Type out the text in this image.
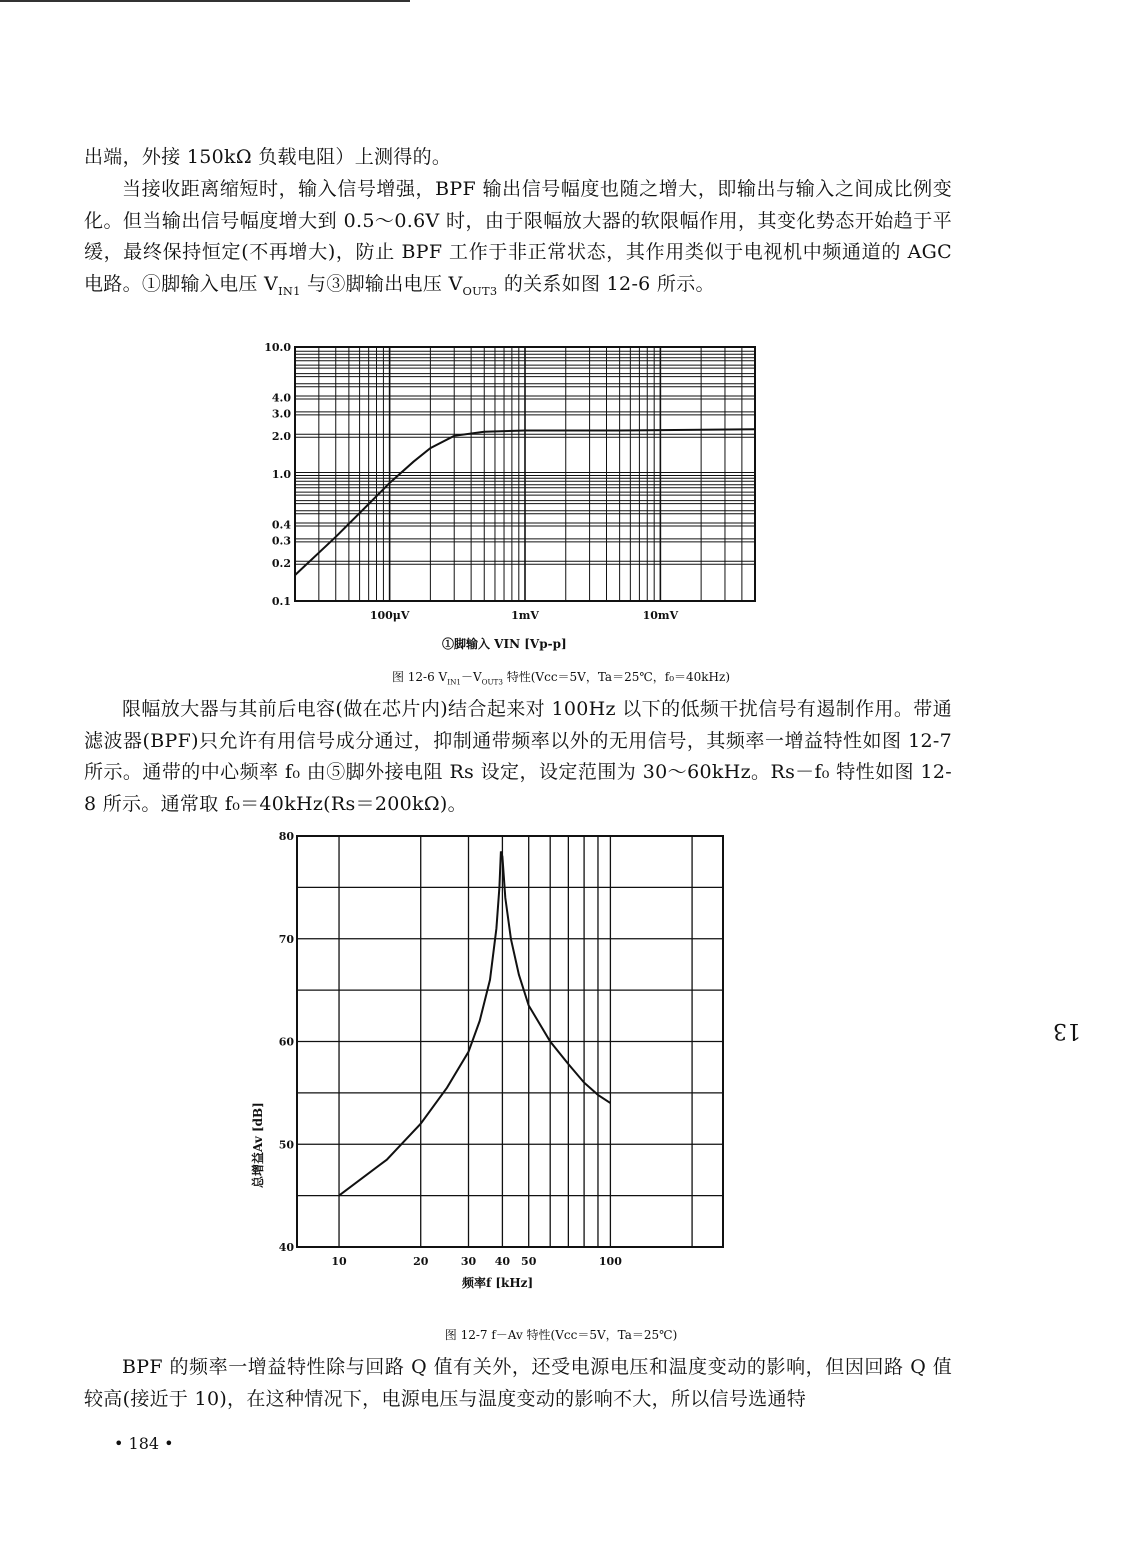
出端，外接 150kΩ 负载电阻）上测得的。

当接收距离缩短时，输入信号增强，BPF 输出信号幅度也随之增大，即输出与输入之间成比例变化。但当输出信号幅度增大到 0.5～0.6V 时，由于限幅放大器的软限幅作用，其变化势态开始趋于平缓，最终保持恒定(不再增大)，防止 BPF 工作于非正常状态，其作用类似于电视机中频通道的 AGC 电路。①脚输入电压 $V_{IN1}$ 与③脚输出电压 $V_{OUT3}$ 的关系如图 12-6 所示。

10.0
4.0
3.0
2.0
1.0
0.4
0.3
0.2
0.1
100μV	1mV	10mV
①脚输入 VIN [Vp-p]
图 12-6 $V_{IN1}-V_{OUT3}$ 特性(Vcc＝5V，Ta＝25℃，f₀＝40kHz)

限幅放大器与其前后电容(做在芯片内)结合起来对 100Hz 以下的低频干扰信号有遏制作用。带通滤波器(BPF)只允许有用信号成分通过，抑制通带频率以外的无用信号，其频率一增益特性如图 12-7 所示。通带的中心频率 f₀ 由⑤脚外接电阻 Rs 设定，设定范围为 30～60kHz。Rs－f₀ 特性如图 12-8 所示。通常取 f₀＝40kHz(Rs＝200kΩ)。

80
70
60
50
40
10	20	30 40 50	100
总增益Av [dB]
频率f [kHz]
图 12-7 f－Av 特性(Vcc＝5V，Ta＝25℃)

BPF 的频率一增益特性除与回路 Q 值有关外，还受电源电压和温度变动的影响，但因回路 Q 值较高(接近于 10)，在这种情况下，电源电压与温度变动的影响不大，所以信号选通特

• 184 •
13
